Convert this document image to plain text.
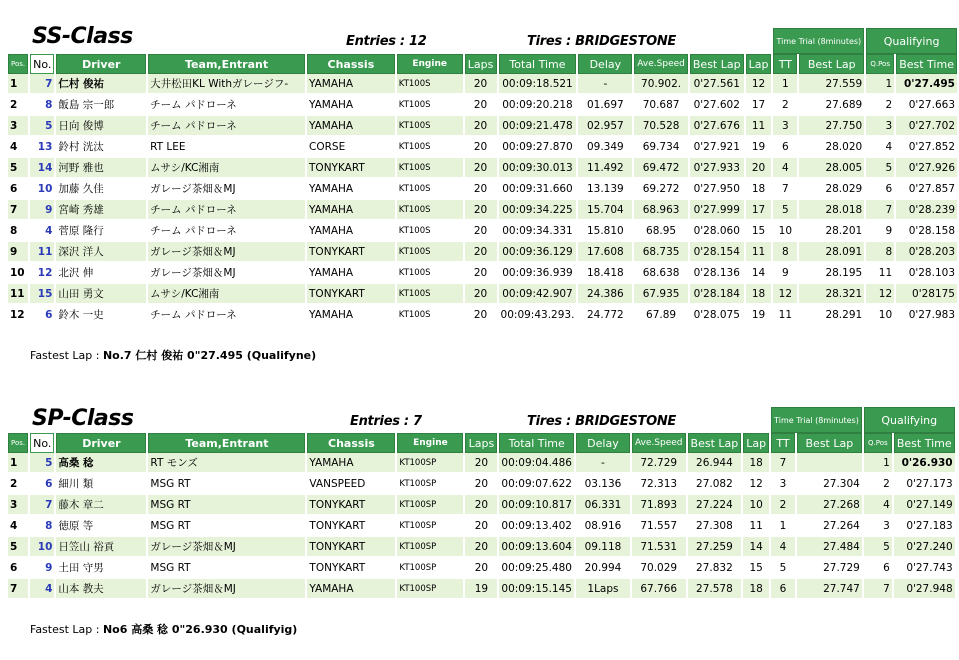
SS-Class	Entries : 12	Tires : BRIDGESTONE
Fastest Lap : No.7 仁村 俊祐 0"27.495 (Qualifyne)
SP-Class	Entries : 7	Tires : BRIDGESTONE
Fastest Lap : No6 高桑 稔 0"26.930 (Qualifyig)
												Time Trial (8minutes)		Qualifying	
Pos.	No.	Driver	Team,Entrant	Chassis	Engine	Laps	Total Time	Delay	Ave.Speed	Best Lap	Lap	TT	Best Lap	Q.Pos	Best Time
1	7	仁村 俊祐	大井松田KL Withガレージフ-	YAMAHA	KT100S	20	00:09:18.521	-	70.902.	0'27.561	12	1	27.559	1	0'27.495
2	8	飯島 宗一郎	チーム パドローネ	YAMAHA	KT100S	20	00:09:20.218	01.697	70.687	0'27.602	17	2	27.689	2	0'27.663
3	5	日向 俊博	チーム パドローネ	YAMAHA	KT100S	20	00:09:21.478	02.957	70.528	0'27.676	11	3	27.750	3	0'27.702
4	13	鈴村 洸汰	RT LEE	CORSE	KT100S	20	00:09:27.870	09.349	69.734	0'27.921	19	6	28.020	4	0'27.852
5	14	河野 雅也	ムサシ/KC湘南	TONYKART	KT100S	20	00:09:30.013	11.492	69.472	0'27.933	20	4	28.005	5	0'27.926
6	10	加藤 久佳	ガレージ茶畑＆MJ	YAMAHA	KT100S	20	00:09:31.660	13.139	69.272	0'27.950	18	7	28.029	6	0'27.857
7	9	宮崎 秀雄	チーム パドローネ	YAMAHA	KT100S	20	00:09:34.225	15.704	68.963	0'27.999	17	5	28.018	7	0'28.239
8	4	菅原 隆行	チーム パドローネ	YAMAHA	KT100S	20	00:09:34.331	15.810	68.95	0'28.060	15	10	28.201	9	0'28.158
9	11	深沢 洋人	ガレージ茶畑＆MJ	TONYKART	KT100S	20	00:09:36.129	17.608	68.735	0'28.154	11	8	28.091	8	0'28.203
10	12	北沢 伸	ガレージ茶畑＆MJ	YAMAHA	KT100S	20	00:09:36.939	18.418	68.638	0'28.136	14	9	28.195	11	0'28.103
11	15	山田 勇文	ムサシ/KC湘南	TONYKART	KT100S	20	00:09:42.907	24.386	67.935	0'28.184	18	12	28.321	12	0'28175
12	6	鈴木 一史	チーム パドローネ	YAMAHA	KT100S	20	00:09:43.293.	24.772	67.89	0'28.075	19	11	28.291	10	0'27.983
												Time Trial (8minutes)		Qualifying	
Pos.	No.	Driver	Team,Entrant	Chassis	Engine	Laps	Total Time	Delay	Ave.Speed	Best Lap	Lap	TT	Best Lap	Q.Pos	Best Time
1	5	高桑 稔	RT モンズ	YAMAHA	KT100SP	20	00:09:04.486	-	72.729	26.944	18	7		1	0'26.930
2	6	細川 類	MSG RT	VANSPEED	KT100SP	20	00:09:07.622	03.136	72.313	27.082	12	3	27.304	2	0'27.173
3	7	藤木 章二	MSG RT	TONYKART	KT100SP	20	00:09:10.817	06.331	71.893	27.224	10	2	27.268	4	0'27.149
4	8	徳原 等	MSG RT	TONYKART	KT100SP	20	00:09:13.402	08.916	71.557	27.308	11	1	27.264	3	0'27.183
5	10	日笠山 裕貢	ガレージ茶畑＆MJ	TONYKART	KT100SP	20	00:09:13.604	09.118	71.531	27.259	14	4	27.484	5	0'27.240
6	9	土田 守男	MSG RT	TONYKART	KT100SP	20	00:09:25.480	20.994	70.029	27.832	15	5	27.729	6	0'27.743
7	4	山本 教夫	ガレージ茶畑＆MJ	YAMAHA	KT100SP	19	00:09:15.145	1Laps	67.766	27.578	18	6	27.747	7	0'27.948
